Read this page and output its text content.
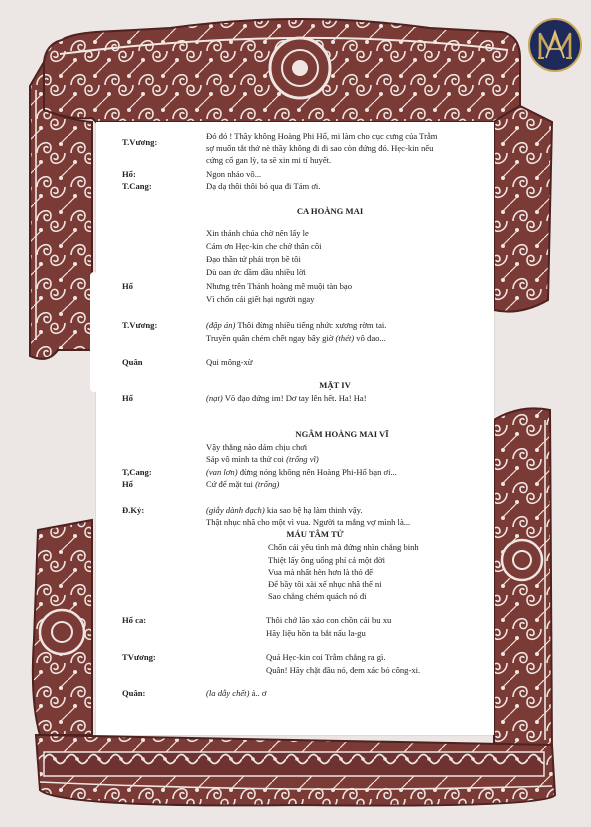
T.Vương:
Đó đó ! Thầy không Hoàng Phi Hổ, mi làm cho cục cưng của Trẫm
sợ muốn tắt thở nè thầy không đi đi sao còn đứng đó. Hẹc-kin nếu
cứng cổ gan lỳ, ta sẽ xin mi tí huyết.
Hổ:	Ngon nhảo vô...
T.Cang:	Dạ dạ thôi thôi bỏ qua đi Tám ơi.
CA HOÀNG MAI
Xin thánh chúa chờ nên lấy le
Cám ơn Hẹc-kin che chở thân côi
Đạo thần tử phải trọn bề tôi
Dù oan ức dầm dầu nhiều lời
Hổ	Nhưng trên Thánh hoàng mê muội tàn bạo
Vì chốn cái giết hại người ngay
T.Vương:	(đập án) Thôi đừng nhiều tiếng nhức xương rờm tai.
Truyền quân chém chết ngay bây giờ (thét) vô đao...
Quân	Qui mông-xừ
MẶT IV
Hổ	(nạt) Võ đạo đứng im! Dơ tay lên hết. Ha! Ha!
NGÂM HOÀNG MAI VĨ
Vậy thằng nào dám chịu chơi
Sáp vô mình ta thử coi (trống vĩ)
T,Cang:	(van lơn) đừng nóng không nên Hoàng Phi-Hổ bạn ơi...
Hổ	Cứ để mặt tui (trống)
Đ.Kỷ:	(giẫy dành đạch) kia sao bệ hạ làm thinh vậy.
Thật nhục nhã cho một vì vua. Người ta mắng vợ mình là...
MÁU TÂM TỬ
Chốn cái yêu tình mà đứng nhìn chẳng binh
Thiệt lấy ông uổng phí cả một đời
Vua mà nhất hèn hơn là thỏ đế
Để bầy tôi xài xể nhục nhã thế ni
Sao chẳng chém quách nó đi
Hổ ca:	Thôi chớ lão xảo con chồn cái bu xu
Hãy liệu hồn ta bắt nấu la-gu
TVương:	Quá Hẹc-kin coi Trẫm chẳng ra gì.
Quân! Hãy chặt đầu nó, đem xác bỏ công-xi.
Quân:	(la dẫy chết) á.. ơ
